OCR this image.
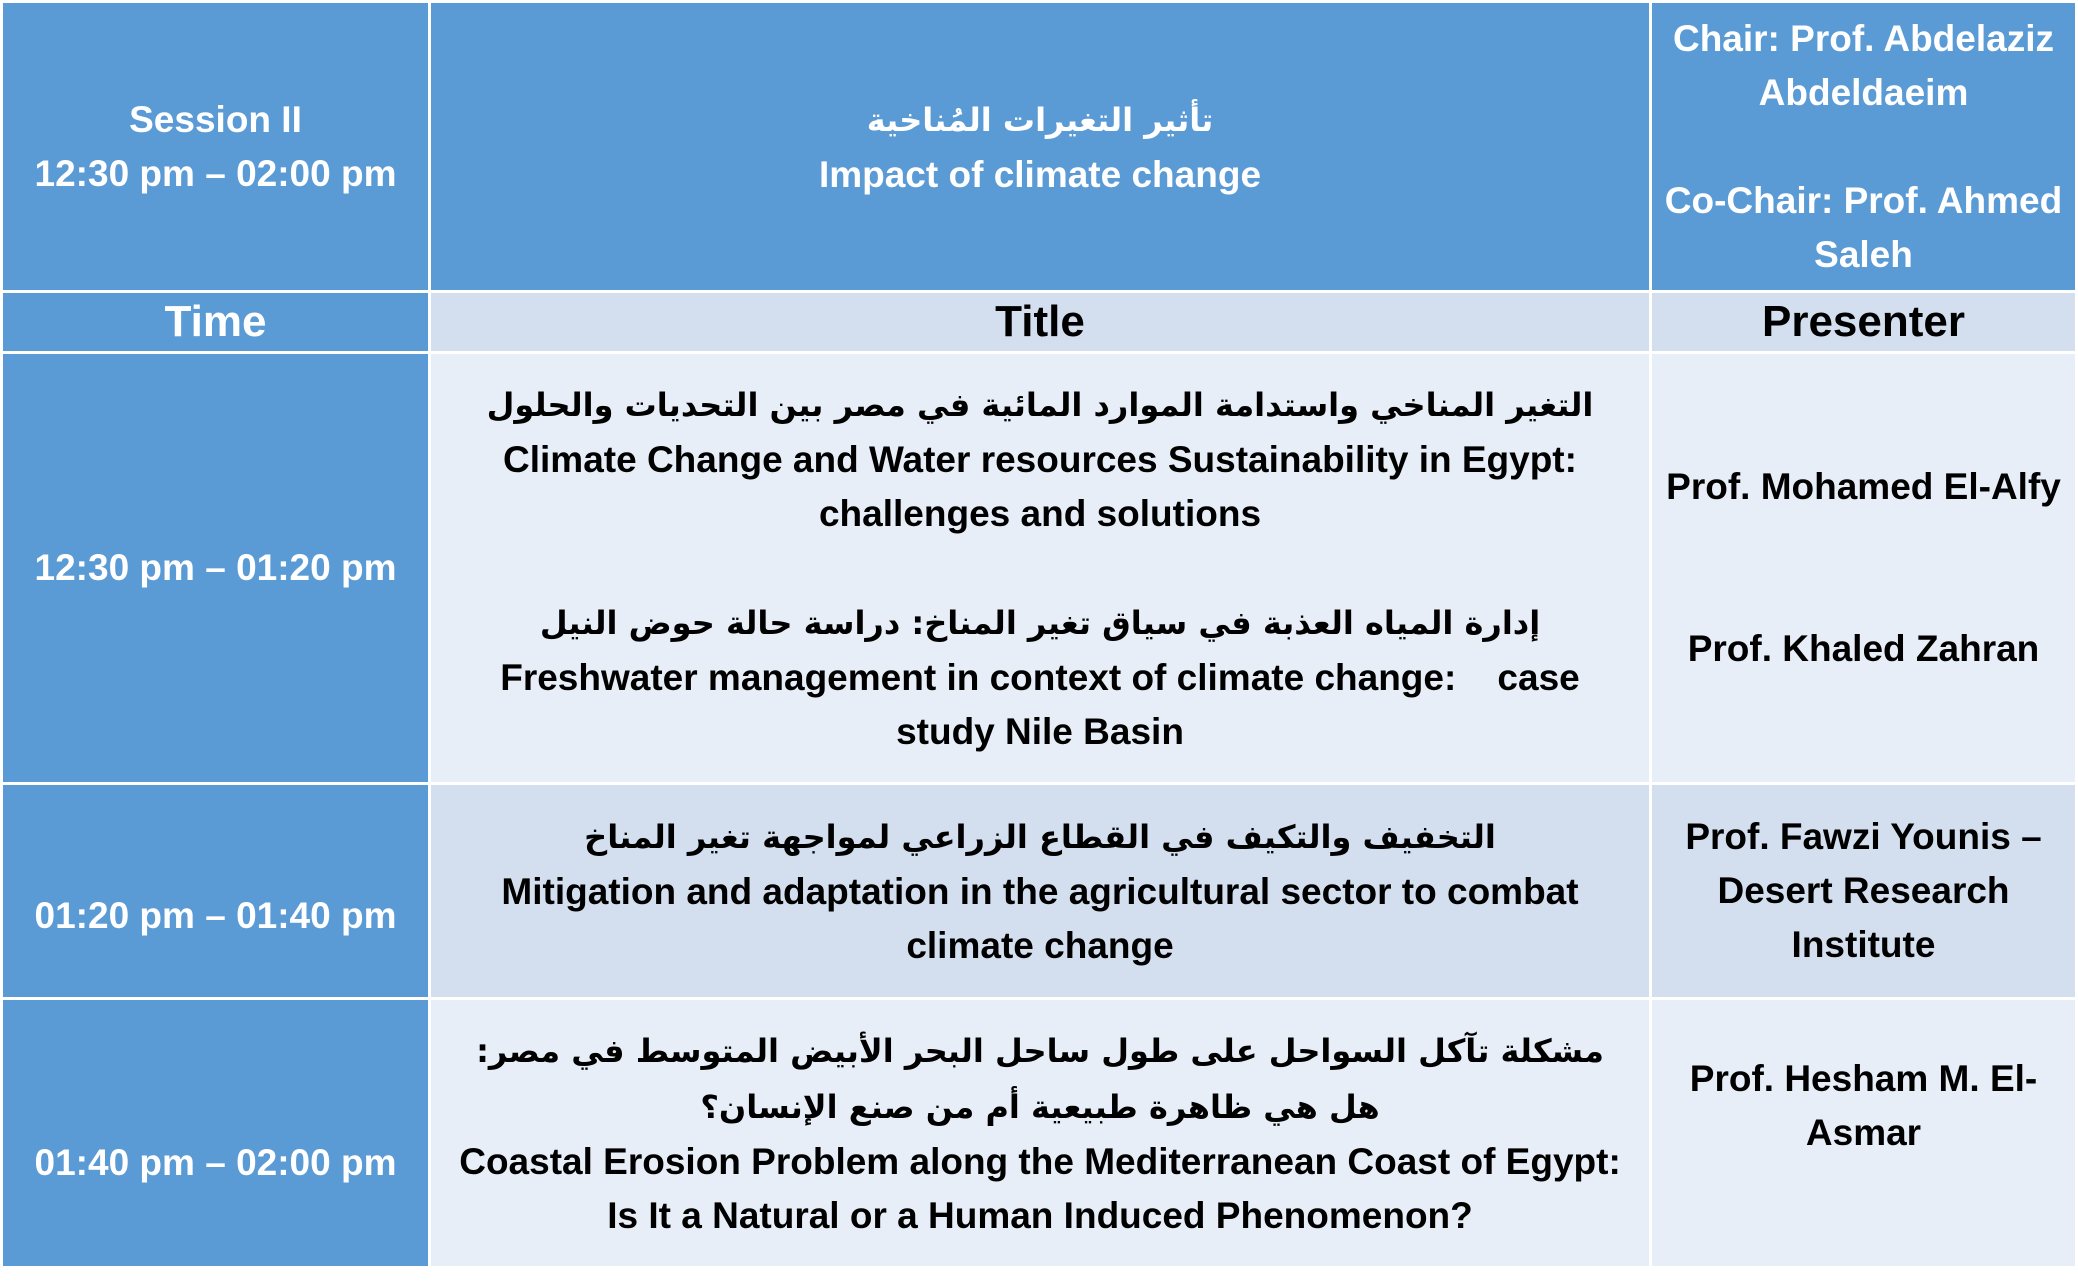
Session II
12:30 pm – 02:00 pm
تأثير التغيرات المُناخية
Impact of climate change
Chair: Prof. Abdelaziz Abdeldaeim
Co-Chair: Prof. Ahmed Saleh
Time	Title	Presenter
12:30 pm – 01:20 pm
التغير المناخي واستدامة الموارد المائية في مصر بين التحديات والحلول
Climate Change and Water resources Sustainability in Egypt: challenges and solutions
إدارة المياه العذبة في سياق تغير المناخ: دراسة حالة حوض النيل
Freshwater management in context of climate change:    case study Nile Basin
Prof. Mohamed El-Alfy
Prof. Khaled Zahran
01:20 pm – 01:40 pm
التخفيف والتكيف في القطاع الزراعي لمواجهة تغير المناخ
Mitigation and adaptation in the agricultural sector to combat climate change
Prof. Fawzi Younis – Desert Research Institute
01:40 pm – 02:00 pm
مشكلة تآكل السواحل على طول ساحل البحر الأبيض المتوسط في مصر: هل هي ظاهرة طبيعية أم من صنع الإنسان؟
Coastal Erosion Problem along the Mediterranean Coast of Egypt: Is It a Natural or a Human Induced Phenomenon?
Prof. Hesham M. El-Asmar
